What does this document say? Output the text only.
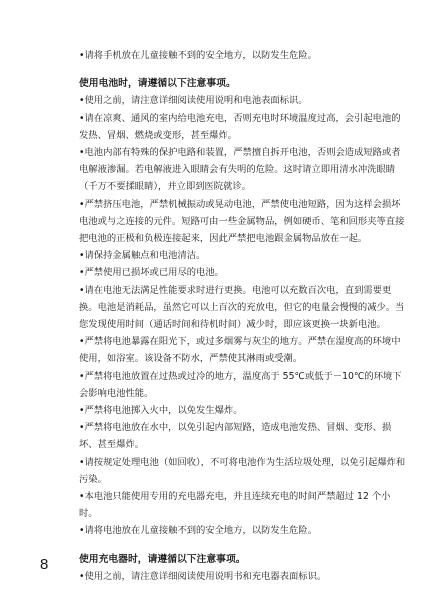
•请将手机放在儿童接触不到的安全地方，以防发生危险。

使用电池时，请遵循以下注意事项。

•使用之前，请注意详细阅读使用说明和电池表面标识。

•请在凉爽、通风的室内给电池充电，否则充电时环境温度过高，会引起电池的发热、冒烟、燃烧或变形，甚至爆炸。

•电池内部有特殊的保护电路和装置，严禁擅自拆开电池，否则会造成短路或者电解液渗漏。若电解液进入眼睛会有失明的危险。这时请立即用清水冲洗眼睛（千万不要揉眼睛），并立即到医院就诊。

•严禁挤压电池，严禁机械振动或晃动电池，严禁使电池短路，因为这样会损坏电池或与之连接的元件。短路可由一些金属物品，例如硬币、笔和回形夹等直接把电池的正极和负极连接起来，因此严禁把电池跟金属物品放在一起。

•请保持金属触点和电池清洁。

•严禁使用已损坏或已用尽的电池。

•请在电池无法满足性能要求时进行更换。电池可以充数百次电，直到需要更换。电池是消耗品，虽然它可以上百次的充放电，但它的电量会慢慢的减少。当您发现使用时间（通话时间和待机时间）减少时，即应该更换一块新电池。

•严禁将电池暴露在阳光下，或过多烟雾与灰尘的地方。严禁在湿度高的环境中使用，如浴室。该设备不防水，严禁使其淋雨或受潮。

•严禁将电池放置在过热或过冷的地方，温度高于 55℃或低于－10℃的环境下会影响电池性能。

•严禁将电池掷入火中，以免发生爆炸。

•严禁将电池放在水中，以免引起内部短路，造成电池发热、冒烟、变形、损坏、甚至爆炸。

•请按规定处理电池（如回收），不可将电池作为生活垃圾处理，以免引起爆炸和污染。

•本电池只能使用专用的充电器充电，并且连续充电的时间严禁超过 12 个小时。

•请将电池放在儿童接触不到的安全地方，以防发生危险。

使用充电器时，请遵循以下注意事项。

•使用之前，请注意详细阅读使用说明书和充电器表面标识。

8
